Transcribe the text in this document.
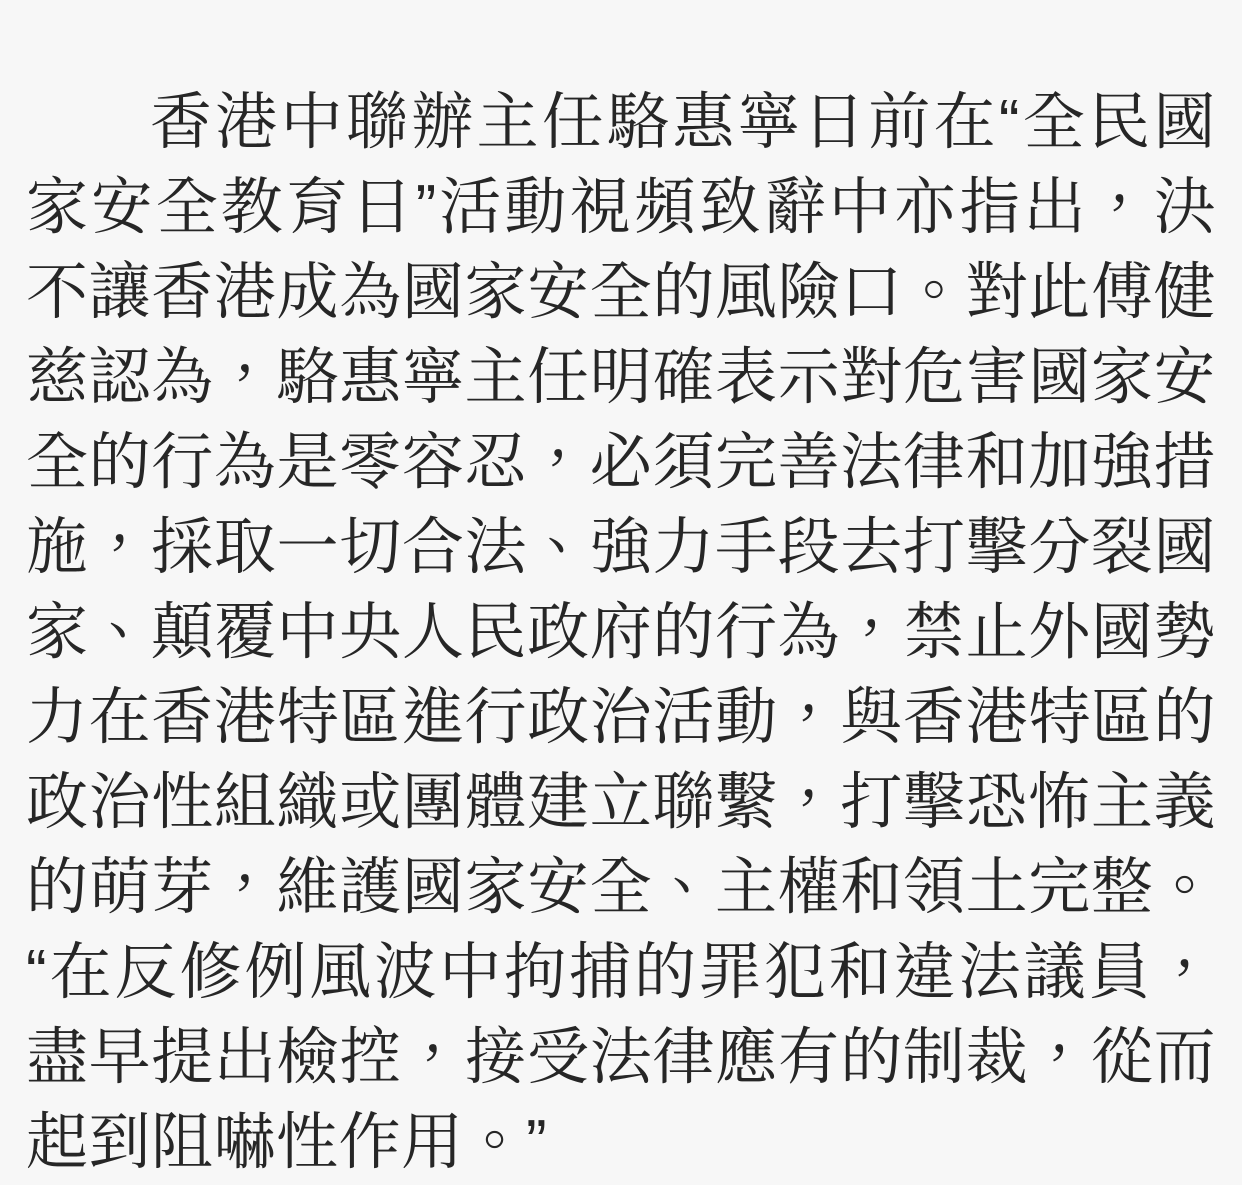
香港中聯辦主任駱惠寧日前在“全民國家安全教育日”活動視頻致辭中亦指出，決不讓香港成為國家安全的風險口。對此傅健慈認為，駱惠寧主任明確表示對危害國家安全的行為是零容忍，必須完善法律和加強措施，採取一切合法、強力手段去打擊分裂國家、顛覆中央人民政府的行為，禁止外國勢力在香港特區進行政治活動，與香港特區的政治性組織或團體建立聯繫，打擊恐怖主義的萌芽，維護國家安全、主權和領土完整。“在反修例風波中拘捕的罪犯和違法議員，盡早提出檢控，接受法律應有的制裁，從而起到阻嚇性作用。”
